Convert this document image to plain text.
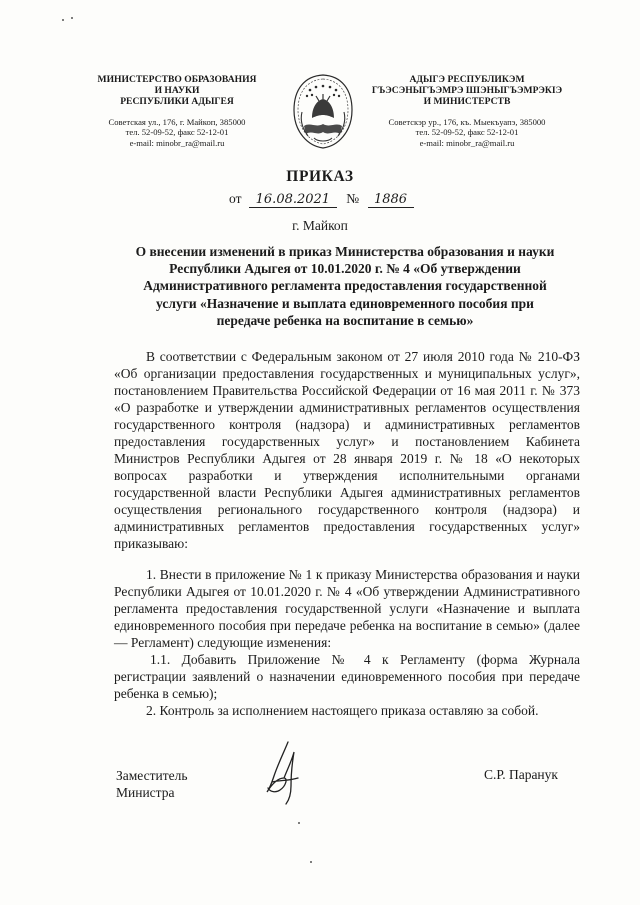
МИНИСТЕРСТВО ОБРАЗОВАНИЯ
И НАУКИ
РЕСПУБЛИКИ АДЫГЕЯ
Советская ул., 176, г. Майкоп, 385000
тел. 52-09-52, факс 52-12-01
e-mail: minobr_ra@mail.ru
АДЫГЭ РЕСПУБЛИКЭМ
ГЪЭСЭНЫГЪЭМРЭ ШIЭНЫГЪЭМРЭКIЭ
И МИНИСТЕРСТВ
Советскэр ур., 176, къ. Мыекъуапэ, 385000
тел. 52-09-52, факс 52-12-01
e-mail: minobr_ra@mail.ru
ПРИКАЗ
от 16.08.2021 № 1886
г. Майкоп
О внесении изменений в приказ Министерства образования и науки
Республики Адыгея от 10.01.2020 г. № 4 «Об утверждении
Административного регламента предоставления государственной
услуги «Назначение и выплата единовременного пособия при
передаче ребенка на воспитание в семью»

В соответствии с Федеральным законом от 27 июля 2010 года № 210-ФЗ «Об организации предоставления государственных и муниципальных услуг», постановлением Правительства Российской Федерации от 16 мая 2011 г. № 373 «О разработке и утверждении административных регламентов осуществления государственного контроля (надзора) и административных регламентов предоставления государственных услуг» и постановлением Кабинета Министров Республики Адыгея от 28 января 2019 г. № 18 «О некоторых вопросах разработки и утверждения исполнительными органами государственной власти Республики Адыгея административных регламентов осуществления регионального государственного контроля (надзора) и административных регламентов предоставления государственных услуг» приказываю:

1. Внести в приложение № 1 к приказу Министерства образования и науки Республики Адыгея от 10.01.2020 г. № 4 «Об утверждении Административного регламента предоставления государственной услуги «Назначение и выплата единовременного пособия при передаче ребенка на воспитание в семью» (далее — Регламент) следующие изменения:

1.1. Добавить Приложение № 4 к Регламенту (форма Журнала регистрации заявлений о назначении единовременного пособия при передаче ребенка в семью);

2. Контроль за исполнением настоящего приказа оставляю за собой.

Заместитель
Министра
С.Р. Паранук
